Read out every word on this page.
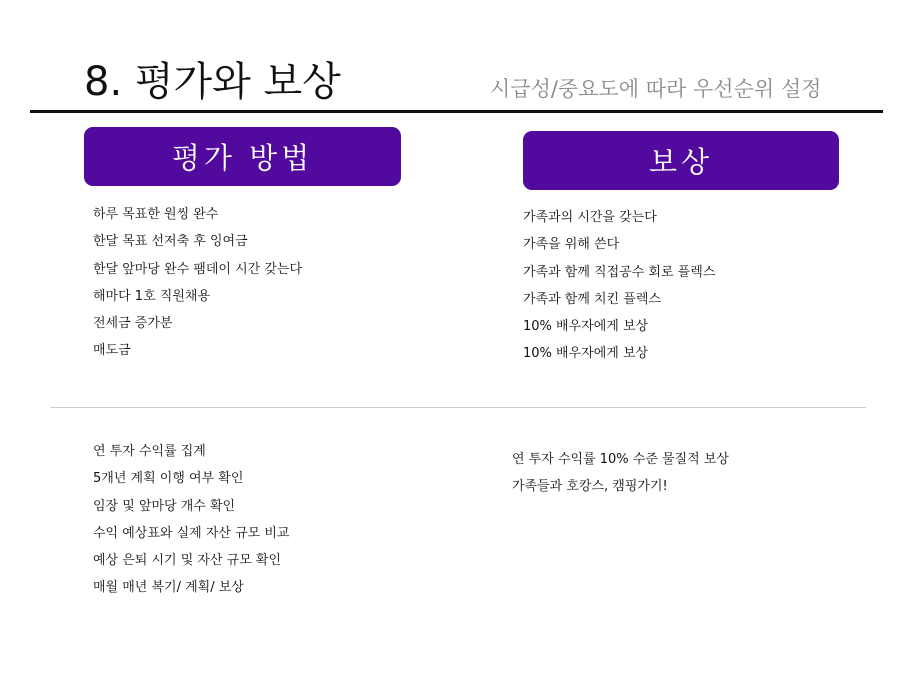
8. 평가와 보상	시급성/중요도에 따라 우선순위 설정
평가 방법	보상
하루 목표한 원씽 완수
한달 목표 선저축 후 잉여금
한달 앞마당 완수 팸데이 시간 갖는다
해마다 1호 직원채용
전세금 증가분
매도금
가족과의 시간을 갖는다
가족을 위해 쓴다
가족과 함께 직접공수 회로 플렉스
가족과 함께 치킨 플렉스
10% 배우자에게 보상
10% 배우자에게 보상
연 투자 수익률 집계
5개년 계획 이행 여부 확인
임장 및 앞마당 개수 확인
수익 예상표와 실제 자산 규모 비교
예상 은퇴 시기 및 자산 규모 확인
매월 매년 복기/ 계획/ 보상
연 투자 수익률 10% 수준 물질적 보상
가족들과 호캉스, 캠핑가기!
